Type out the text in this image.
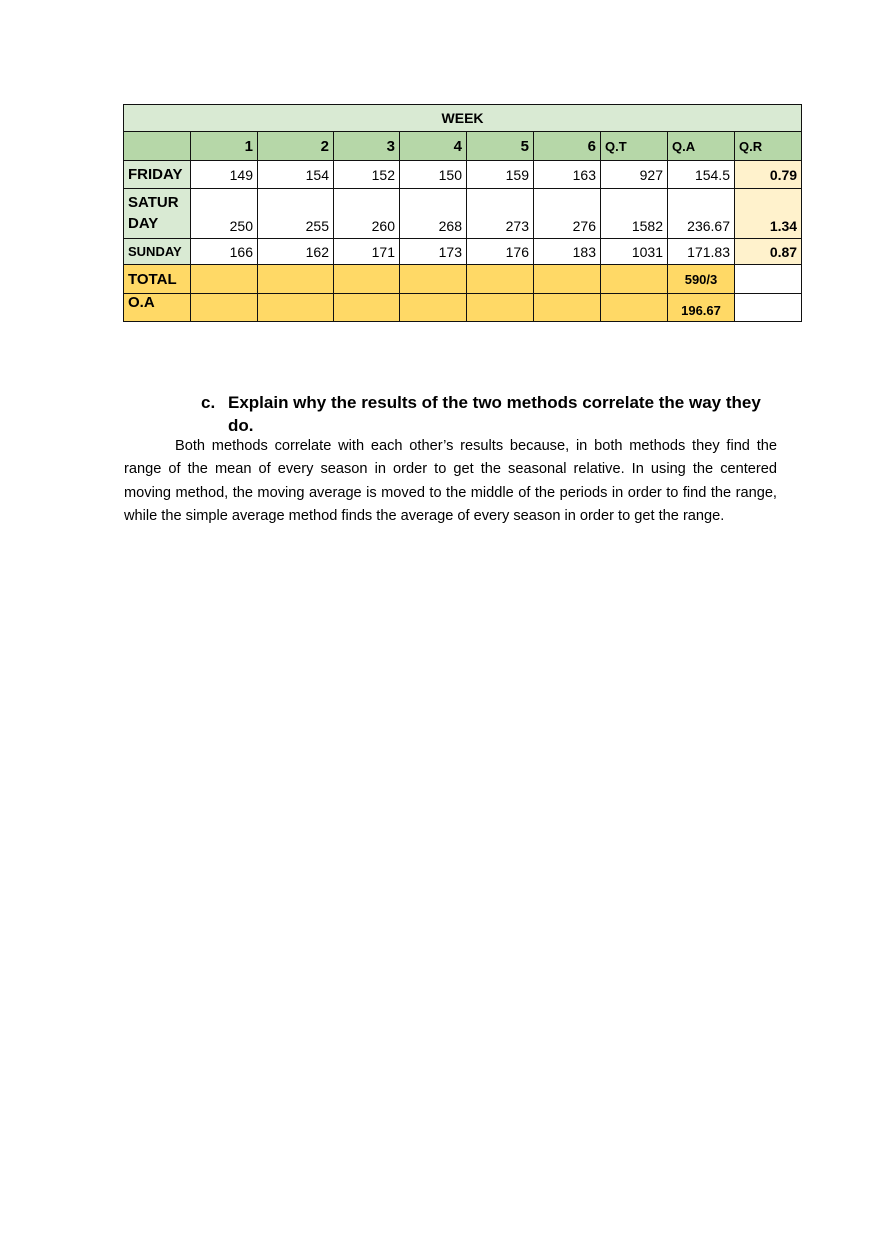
WEEK									
	1	2	3	4	5	6	Q.T	Q.A	Q.R
FRIDAY	149	154	152	150	159	163	927	154.5	0.79
SATUR
DAY	250	255	260	268	273	276	1582	236.67	1.34
SUNDAY	166	162	171	173	176	183	1031	171.83	0.87
TOTAL								590/3	
O.A								196.67	
c. Explain why the results of the two methods correlate the way they do.

Both methods correlate with each other’s results because, in both methods they find the range of the mean of every season in order to get the seasonal relative. In using the centered moving method, the moving average is moved to the middle of the periods in order to find the range, while the simple average method finds the average of every season in order to get the range.
